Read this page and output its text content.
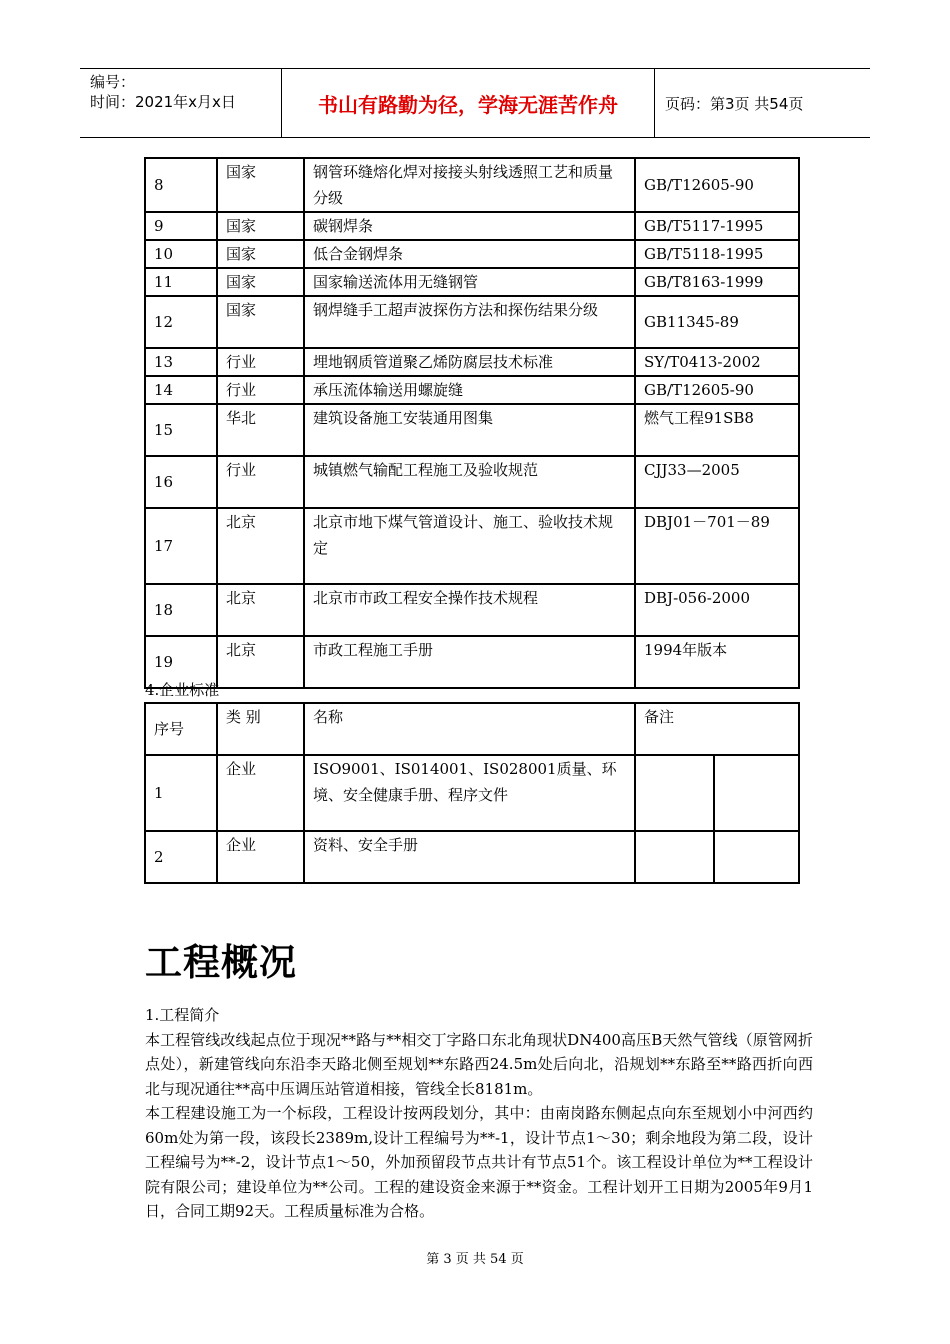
编号：
时间：2021年x月x日	书山有路勤为径，学海无涯苦作舟	页码：第3页 共54页
8	国家	钢管环缝熔化焊对接接头射线透照工艺和质量分级	GB/T12605-90
9	国家	碳钢焊条	GB/T5117-1995
10	国家	低合金钢焊条	GB/T5118-1995
11	国家	国家输送流体用无缝钢管	GB/T8163-1999
12	国家	钢焊缝手工超声波探伤方法和探伤结果分级	GB11345-89
13	行业	埋地钢质管道聚乙烯防腐层技术标准	SY/T0413-2002
14	行业	承压流体输送用螺旋缝	GB/T12605-90
15	华北	建筑设备施工安装通用图集	燃气工程91SB8
16	行业	城镇燃气输配工程施工及验收规范	CJJ33—2005
17	北京	北京市地下煤气管道设计、施工、验收技术规定	DBJ01－701－89
18	北京	北京市市政工程安全操作技术规程	DBJ-056-2000
19	北京	市政工程施工手册	1994年版本
4.企业标准
序号	类 别	名称	备注	
1	企业	ISO9001、IS014001、IS028001质量、环境、安全健康手册、程序文件		
2	企业	资料、安全手册		
工程概况

1.工程简介

本工程管线改线起点位于现况**路与**相交丁字路口东北角现状DN400高压B天然气管线（原管网折点处），新建管线向东沿李天路北侧至规划**东路西24.5m处后向北，沿规划**东路至**路西折向西北与现况通往**高中压调压站管道相接，管线全长8181m。

本工程建设施工为一个标段，工程设计按两段划分，其中：由南岗路东侧起点向东至规划小中河西约60m处为第一段，该段长2389m,设计工程编号为**-1，设计节点1～30；剩余地段为第二段，设计工程编号为**-2，设计节点1～50，外加预留段节点共计有节点51个。该工程设计单位为**工程设计院有限公司；建设单位为**公司。工程的建设资金来源于**资金。工程计划开工日期为2005年9月1日，合同工期92天。工程质量标准为合格。

第 3 页 共 54 页
